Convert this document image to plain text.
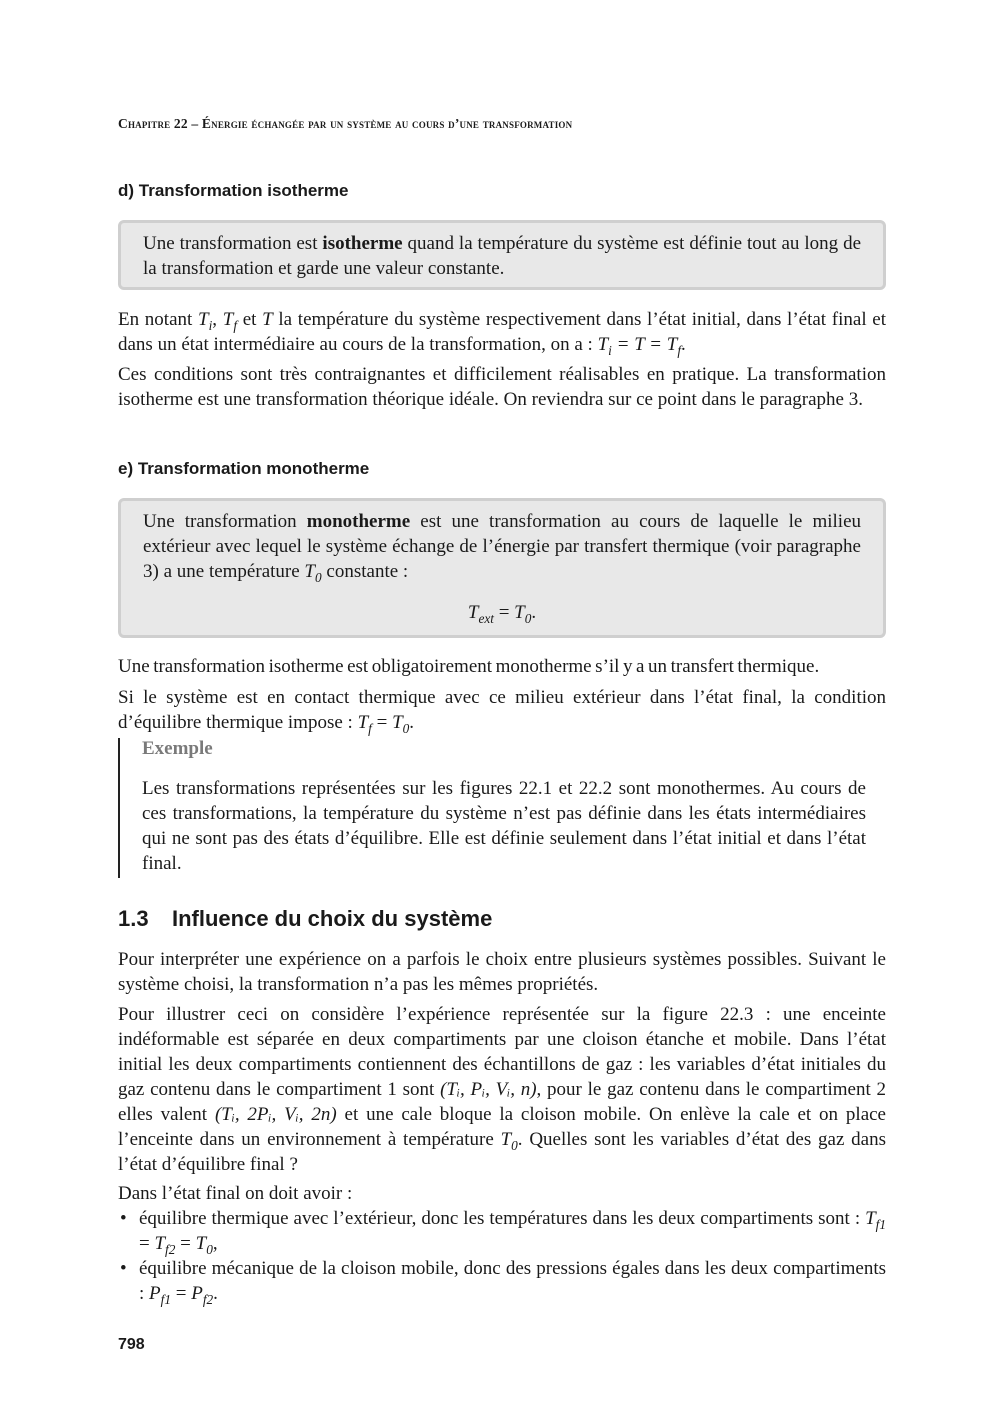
Chapitre 22 – Énergie échangée par un système au cours d’une transformation
d) Transformation isotherme
Une transformation est isotherme quand la température du système est définie tout au long de la transformation et garde une valeur constante.

En notant $T_i$, $T_f$ et T la température du système respectivement dans l’état initial, dans l’état final et dans un état intermédiaire au cours de la transformation, on a : $T_i = T = T_f$.

Ces conditions sont très contraignantes et difficilement réalisables en pratique. La transformation isotherme est une transformation théorique idéale. On reviendra sur ce point dans le paragraphe 3.

e) Transformation monotherme
Une transformation monotherme est une transformation au cours de laquelle le milieu extérieur avec lequel le système échange de l’énergie par transfert thermique (voir paragraphe 3) a une température $T_0$ constante :
$T_{ext} = T_0$.

Une transformation isotherme est obligatoirement monotherme s’il y a un transfert thermique.

Si le système est en contact thermique avec ce milieu extérieur dans l’état final, la condition d’équilibre thermique impose : $T_f = T_0$.

Exemple
Les transformations représentées sur les figures 22.1 et 22.2 sont monothermes. Au cours de ces transformations, la température du système n’est pas définie dans les états intermédiaires qui ne sont pas des états d’équilibre. Elle est définie seulement dans l’état initial et dans l’état final.
1.3 Influence du choix du système

Pour interpréter une expérience on a parfois le choix entre plusieurs systèmes possibles. Suivant le système choisi, la transformation n’a pas les mêmes propriétés.

Pour illustrer ceci on considère l’expérience représentée sur la figure 22.3 : une enceinte indéformable est séparée en deux compartiments par une cloison étanche et mobile. Dans l’état initial les deux compartiments contiennent des échantillons de gaz : les variables d’état initiales du gaz contenu dans le compartiment 1 sont (Tᵢ, Pᵢ, Vᵢ, n), pour le gaz contenu dans le compartiment 2 elles valent (Tᵢ, 2Pᵢ, Vᵢ, 2n) et une cale bloque la cloison mobile. On enlève la cale et on place l’enceinte dans un environnement à température $T_0$. Quelles sont les variables d’état des gaz dans l’état d’équilibre final ?

Dans l’état final on doit avoir :

• équilibre thermique avec l’extérieur, donc les températures dans les deux compartiments sont : $T_{f1} = T_{f2} = T_0$,
• équilibre mécanique de la cloison mobile, donc des pressions égales dans les deux compartiments : $P_{f1} = P_{f2}$.
798
